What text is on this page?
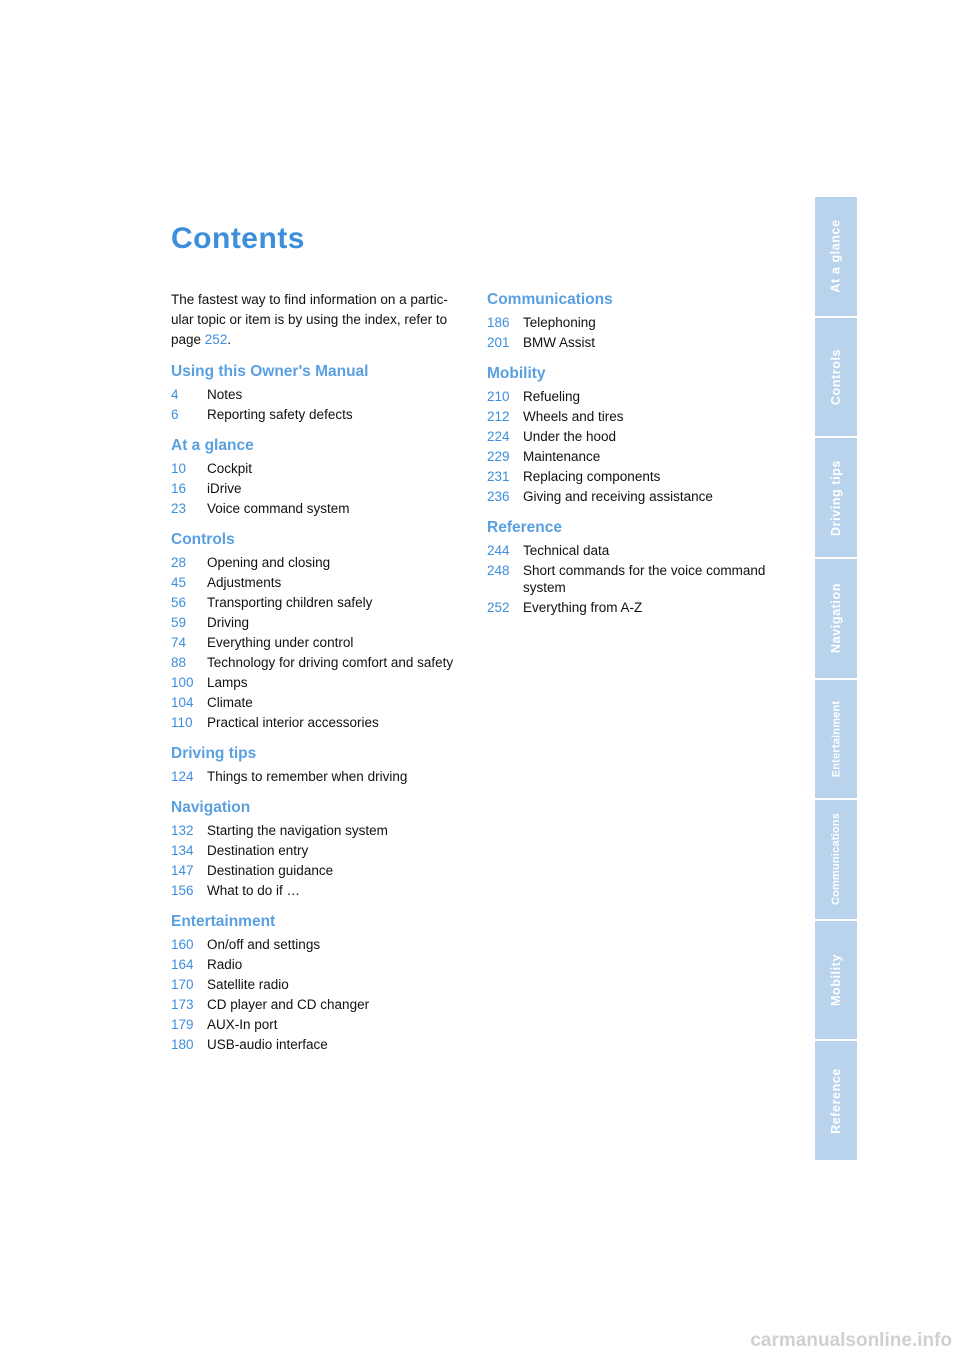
Contents
The fastest way to find information on a partic-
ular topic or item is by using the index, refer to
page 252.
Using this Owner's Manual
4	Notes
6	Reporting safety defects
At a glance
10	Cockpit
16	iDrive
23	Voice command system
Controls
28	Opening and closing
45	Adjustments
56	Transporting children safely
59	Driving
74	Everything under control
88	Technology for driving comfort and safety
100 Lamps
104 Climate
110	Practical interior accessories
Driving tips
124 Things to remember when driving
Navigation
132 Starting the navigation system
134 Destination entry
147 Destination guidance
156 What to do if …
Entertainment
160 On/off and settings
164 Radio
170 Satellite radio
173 CD player and CD changer
179 AUX-In port
180 USB-audio interface
Communications
186 Telephoning
201 BMW Assist
Mobility
210 Refueling
212 Wheels and tires
224 Under the hood
229 Maintenance
231 Replacing components
236 Giving and receiving assistance
Reference
244 Technical data
248 Short commands for the voice command system
252 Everything from A-Z
At a glance
Controls
Driving tips
Navigation
Entertainment
Communications
Mobility
Reference
carmanualsonline.info
